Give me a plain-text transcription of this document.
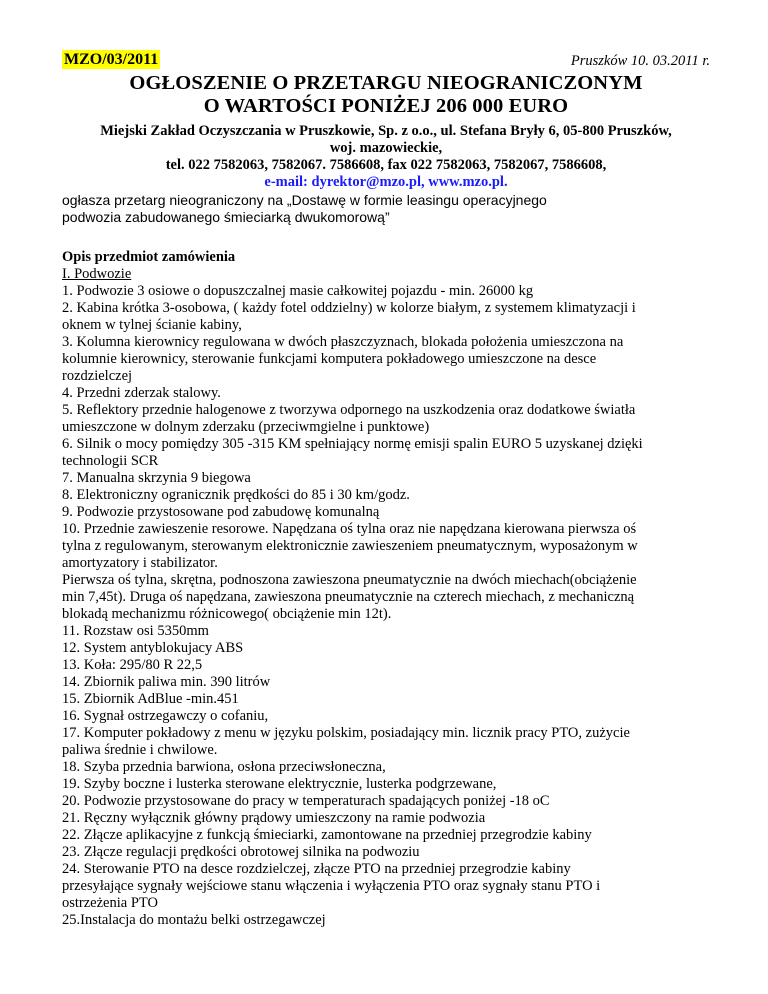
MZO/03/2011	Pruszków 10. 03.2011 r.
OGŁOSZENIE O PRZETARGU NIEOGRANICZONYM
O WARTOŚCI PONIŻEJ 206 000 EURO
Miejski Zakład Oczyszczania w Pruszkowie, Sp. z o.o., ul. Stefana Bryły 6, 05-800 Pruszków,
woj. mazowieckie,
tel. 022 7582063, 7582067. 7586608, fax 022 7582063, 7582067, 7586608,
e-mail: dyrektor@mzo.pl, www.mzo.pl.
ogłasza przetarg nieograniczony na „Dostawę w formie leasingu operacyjnego
podwozia zabudowanego śmieciarką dwukomorową”
Opis przedmiot zamówienia
I. Podwozie
1. Podwozie 3 osiowe o dopuszczalnej masie całkowitej pojazdu - min. 26000 kg
2. Kabina krótka 3-osobowa, ( każdy fotel oddzielny) w kolorze białym, z systemem klimatyzacji i
oknem w tylnej ścianie kabiny,
3. Kolumna kierownicy regulowana w dwóch płaszczyznach, blokada położenia umieszczona na
kolumnie kierownicy, sterowanie funkcjami komputera pokładowego umieszczone na desce
rozdzielczej
4. Przedni zderzak stalowy.
5. Reflektory przednie halogenowe z tworzywa odpornego na uszkodzenia oraz dodatkowe światła
umieszczone w dolnym zderzaku (przeciwmgielne i punktowe)
6. Silnik o mocy pomiędzy 305 -315 KM spełniający normę emisji spalin EURO 5 uzyskanej dzięki
technologii SCR
7. Manualna skrzynia 9 biegowa
8. Elektroniczny ogranicznik prędkości do 85 i 30 km/godz.
9. Podwozie przystosowane pod zabudowę komunalną
10. Przednie zawieszenie resorowe. Napędzana oś tylna oraz nie napędzana kierowana pierwsza oś
tylna z regulowanym, sterowanym elektronicznie zawieszeniem pneumatycznym, wyposażonym w
amortyzatory i stabilizator.
Pierwsza oś tylna, skrętna, podnoszona zawieszona pneumatycznie na dwóch miechach(obciążenie
min 7,45t). Druga oś napędzana, zawieszona pneumatycznie na czterech miechach, z mechaniczną
blokadą mechanizmu różnicowego( obciążenie min 12t).
11. Rozstaw osi 5350mm
12. System antyblokujacy ABS
13. Koła: 295/80 R 22,5
14. Zbiornik paliwa min. 390 litrów
15. Zbiornik AdBlue -min.451
16. Sygnał ostrzegawczy o cofaniu,
17. Komputer pokładowy z menu w języku polskim, posiadający min. licznik pracy PTO, zużycie
paliwa średnie i chwilowe.
18. Szyba przednia barwiona, osłona przeciwsłoneczna,
19. Szyby boczne i lusterka sterowane elektrycznie, lusterka podgrzewane,
20. Podwozie przystosowane do pracy w temperaturach spadających poniżej -18 oC
21. Ręczny wyłącznik główny prądowy umieszczony na ramie podwozia
22. Złącze aplikacyjne z funkcją śmieciarki, zamontowane na przedniej przegrodzie kabiny
23. Złącze regulacji prędkości obrotowej silnika na podwoziu
24. Sterowanie PTO na desce rozdzielczej, złącze PTO na przedniej przegrodzie kabiny
przesyłające sygnały wejściowe stanu włączenia i wyłączenia PTO oraz sygnały stanu PTO i
ostrzeżenia PTO
25.Instalacja do montażu belki ostrzegawczej
